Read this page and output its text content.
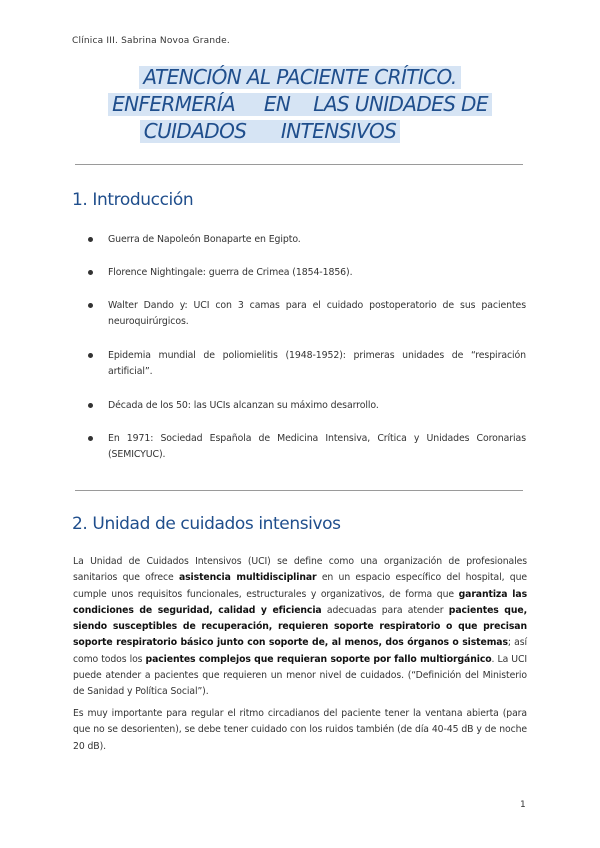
Clínica III. Sabrina Novoa Grande.
ATENCIÓN AL PACIENTE CRÍTICO.
ENFERMERÍA     EN    LAS UNIDADES DE
CUIDADOS      INTENSIVOS
1. Introducción
Guerra de Napoleón Bonaparte en Egipto.
Florence Nightingale: guerra de Crimea (1854-1856).
Walter Dando y: UCI con 3 camas para el cuidado postoperatorio de sus pacientes neuroquirúrgicos.
Epidemia mundial de poliomielitis (1948-1952): primeras unidades de “respiración artificial”.
Década de los 50: las UCIs alcanzan su máximo desarrollo.
En 1971: Sociedad Española de Medicina Intensiva, Crítica y Unidades Coronarias (SEMICYUC).
2. Unidad de cuidados intensivos

La Unidad de Cuidados Intensivos (UCI) se define como una organización de profesionales sanitarios que ofrece asistencia multidisciplinar en un espacio específico del hospital, que cumple unos requisitos funcionales, estructurales y organizativos, de forma que garantiza las condiciones de seguridad, calidad y eficiencia adecuadas para atender pacientes que, siendo susceptibles de recuperación, requieren soporte respiratorio o que precisan soporte respiratorio básico junto con soporte de, al menos, dos órganos o sistemas; así como todos los pacientes complejos que requieran soporte por fallo multiorgánico. La UCI puede atender a pacientes que requieren un menor nivel de cuidados. (“Definición del Ministerio de Sanidad y Política Social”).

Es muy importante para regular el ritmo circadianos del paciente tener la ventana abierta (para que no se desorienten), se debe tener cuidado con los ruidos también (de día 40-45 dB y de noche 20 dB).

1
